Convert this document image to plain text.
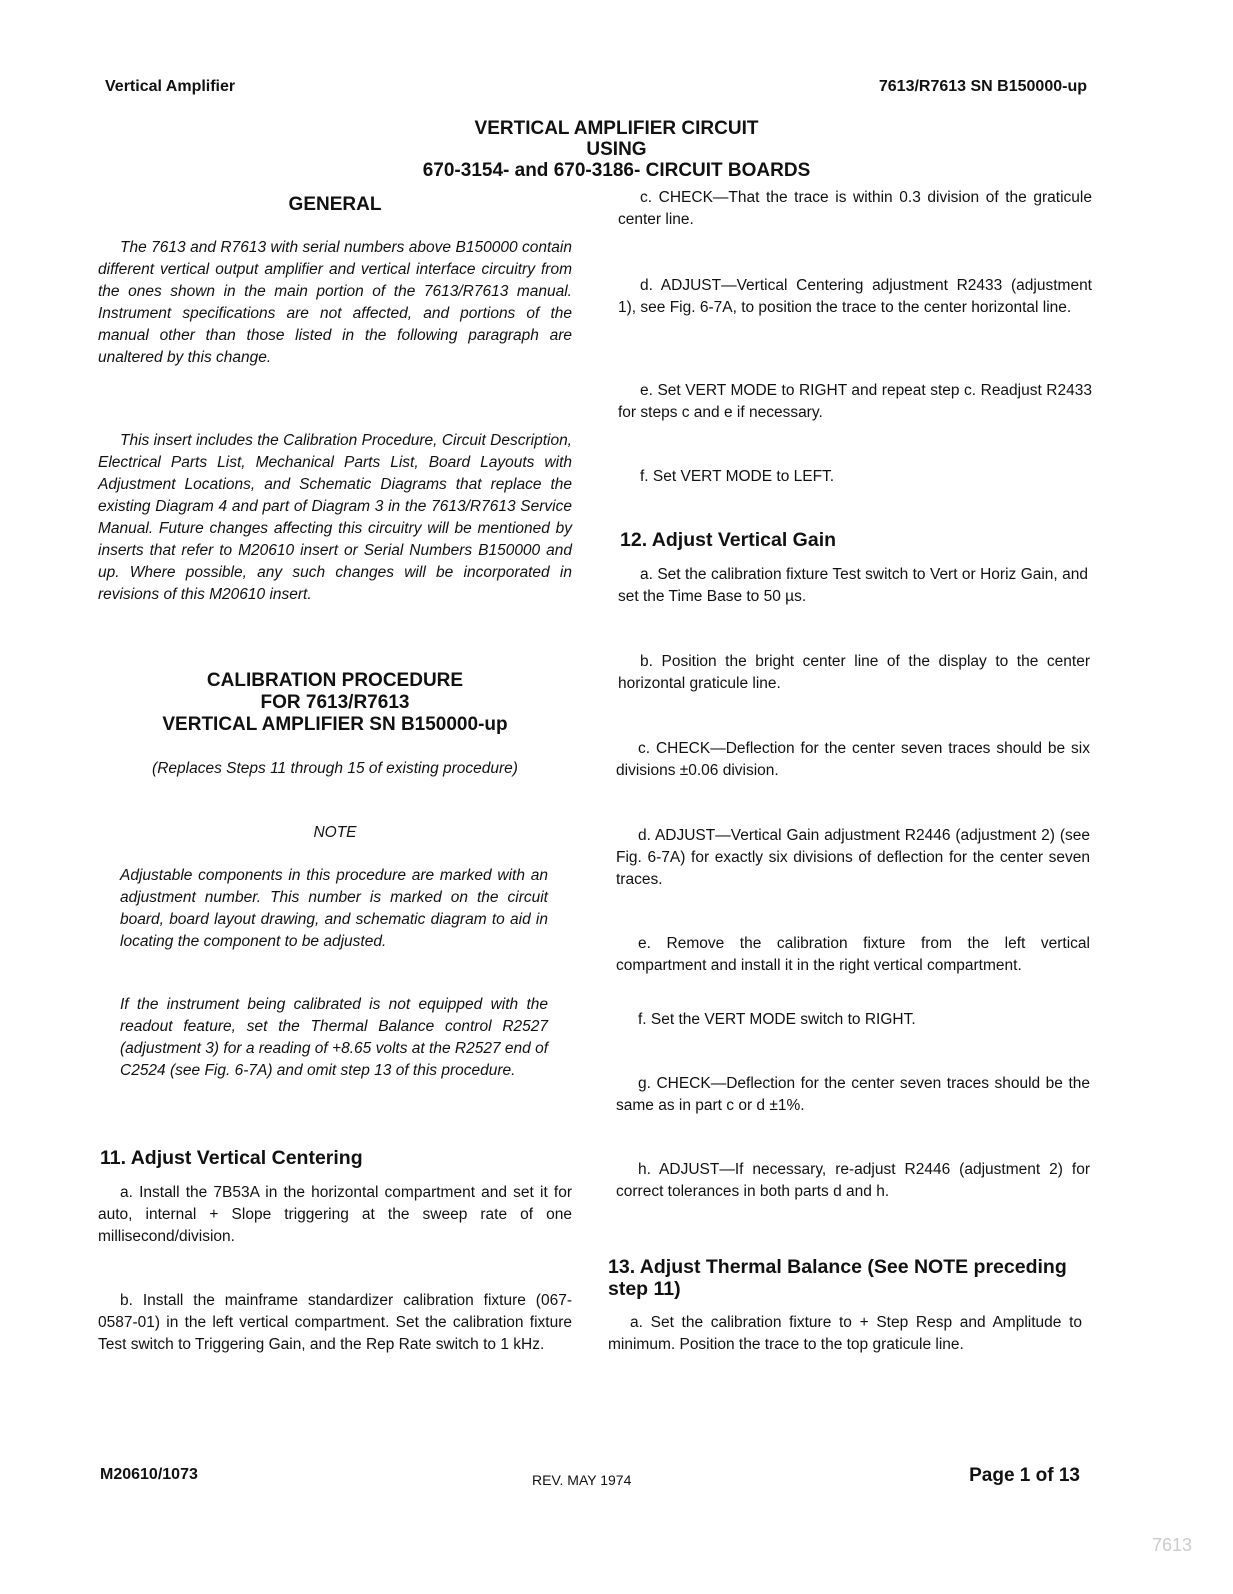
Vertical Amplifier	7613/R7613 SN B150000-up
VERTICAL AMPLIFIER CIRCUIT
USING
670-3154- and 670-3186- CIRCUIT BOARDS
GENERAL

The 7613 and R7613 with serial numbers above B150000 contain different vertical output amplifier and vertical interface circuitry from the ones shown in the main portion of the 7613/R7613 manual. Instrument specifications are not affected, and portions of the manual other than those listed in the following paragraph are unaltered by this change.

This insert includes the Calibration Procedure, Circuit Description, Electrical Parts List, Mechanical Parts List, Board Layouts with Adjustment Locations, and Schematic Diagrams that replace the existing Diagram 4 and part of Diagram 3 in the 7613/R7613 Service Manual. Future changes affecting this circuitry will be mentioned by inserts that refer to M20610 insert or Serial Numbers B150000 and up. Where possible, any such changes will be incorporated in revisions of this M20610 insert.

CALIBRATION PROCEDURE
FOR 7613/R7613
VERTICAL AMPLIFIER SN B150000-up
(Replaces Steps 11 through 15 of existing procedure)
NOTE

Adjustable components in this procedure are marked with an adjustment number. This number is marked on the circuit board, board layout drawing, and schematic diagram to aid in locating the component to be adjusted.

If the instrument being calibrated is not equipped with the readout feature, set the Thermal Balance control R2527 (adjustment 3) for a reading of +8.65 volts at the R2527 end of C2524 (see Fig. 6-7A) and omit step 13 of this procedure.

11. Adjust Vertical Centering

a. Install the 7B53A in the horizontal compartment and set it for auto, internal + Slope triggering at the sweep rate of one millisecond/division.

b. Install the mainframe standardizer calibration fixture (067-0587-01) in the left vertical compartment. Set the calibration fixture Test switch to Triggering Gain, and the Rep Rate switch to 1 kHz.

c. CHECK—That the trace is within 0.3 division of the graticule center line.

d. ADJUST—Vertical Centering adjustment R2433 (adjustment 1), see Fig. 6-7A, to position the trace to the center horizontal line.

e. Set VERT MODE to RIGHT and repeat step c. Readjust R2433 for steps c and e if necessary.

f. Set VERT MODE to LEFT.

12. Adjust Vertical Gain

a. Set the calibration fixture Test switch to Vert or Horiz Gain, and set the Time Base to 50 µs.

b. Position the bright center line of the display to the center horizontal graticule line.

c. CHECK—Deflection for the center seven traces should be six divisions ±0.06 division.

d. ADJUST—Vertical Gain adjustment R2446 (adjustment 2) (see Fig. 6-7A) for exactly six divisions of deflection for the center seven traces.

e. Remove the calibration fixture from the left vertical compartment and install it in the right vertical compartment.

f. Set the VERT MODE switch to RIGHT.

g. CHECK—Deflection for the center seven traces should be the same as in part c or d ±1%.

h. ADJUST—If necessary, re-adjust R2446 (adjustment 2) for correct tolerances in both parts d and h.

13. Adjust Thermal Balance (See NOTE preceding step 11)

a. Set the calibration fixture to + Step Resp and Amplitude to minimum. Position the trace to the top graticule line.

M20610/1073	REV. MAY 1974	Page 1 of 13
7613
